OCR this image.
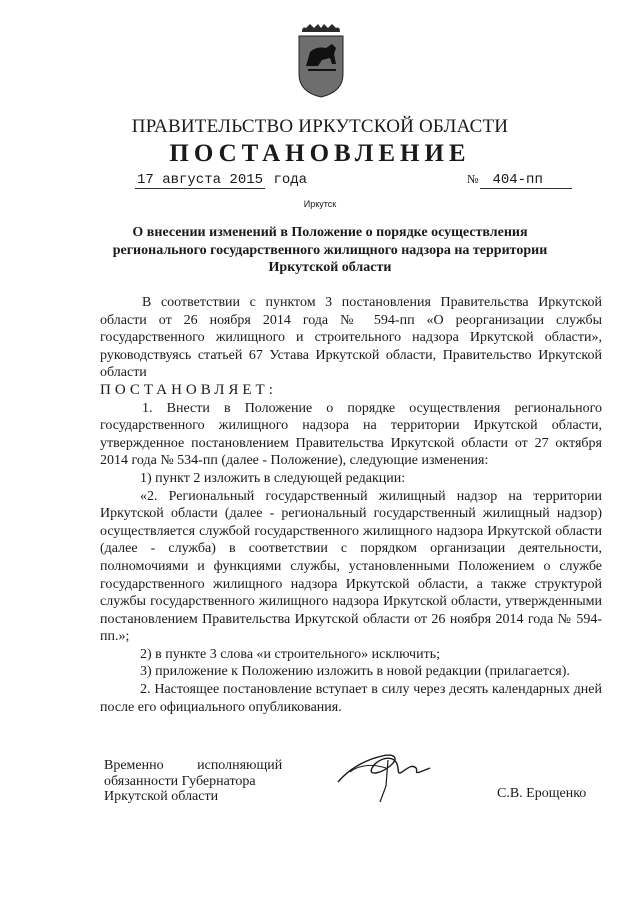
ПРАВИТЕЛЬСТВО ИРКУТСКОЙ ОБЛАСТИ
ПОСТАНОВЛЕНИЕ
17 августа 2015 года	№ 404-пп
Иркутск
О внесении изменений в Положение о порядке осуществления регионального государственного жилищного надзора на территории Иркутской области

В соответствии с пунктом 3 постановления Правительства Иркутской области от 26 ноября 2014 года № 594-пп «О реорганизации службы государственного жилищного и строительного надзора Иркутской области», руководствуясь статьей 67 Устава Иркутской области, Правительство Иркутской области

ПОСТАНОВЛЯЕТ:

1. Внести в Положение о порядке осуществления регионального государственного жилищного надзора на территории Иркутской области, утвержденное постановлением Правительства Иркутской области от 27 октября 2014 года № 534-пп (далее - Положение), следующие изменения:

1) пункт 2 изложить в следующей редакции:

«2. Региональный государственный жилищный надзор на территории Иркутской области (далее - региональный государственный жилищный надзор) осуществляется службой государственного жилищного надзора Иркутской области (далее - служба) в соответствии с порядком организации деятельности, полномочиями и функциями службы, установленными Положением о службе государственного жилищного надзора Иркутской области, а также структурой службы государственного жилищного надзора Иркутской области, утвержденными постановлением Правительства Иркутской области от 26 ноября 2014 года № 594-пп.»;

2) в пункте 3 слова «и строительного» исключить;

3) приложение к Положению изложить в новой редакции (прилагается).

2. Настоящее постановление вступает в силу через десять календарных дней после его официального опубликования.

Временно исполняющий
обязанности Губернатора
Иркутской области	С.В. Ерощенко
